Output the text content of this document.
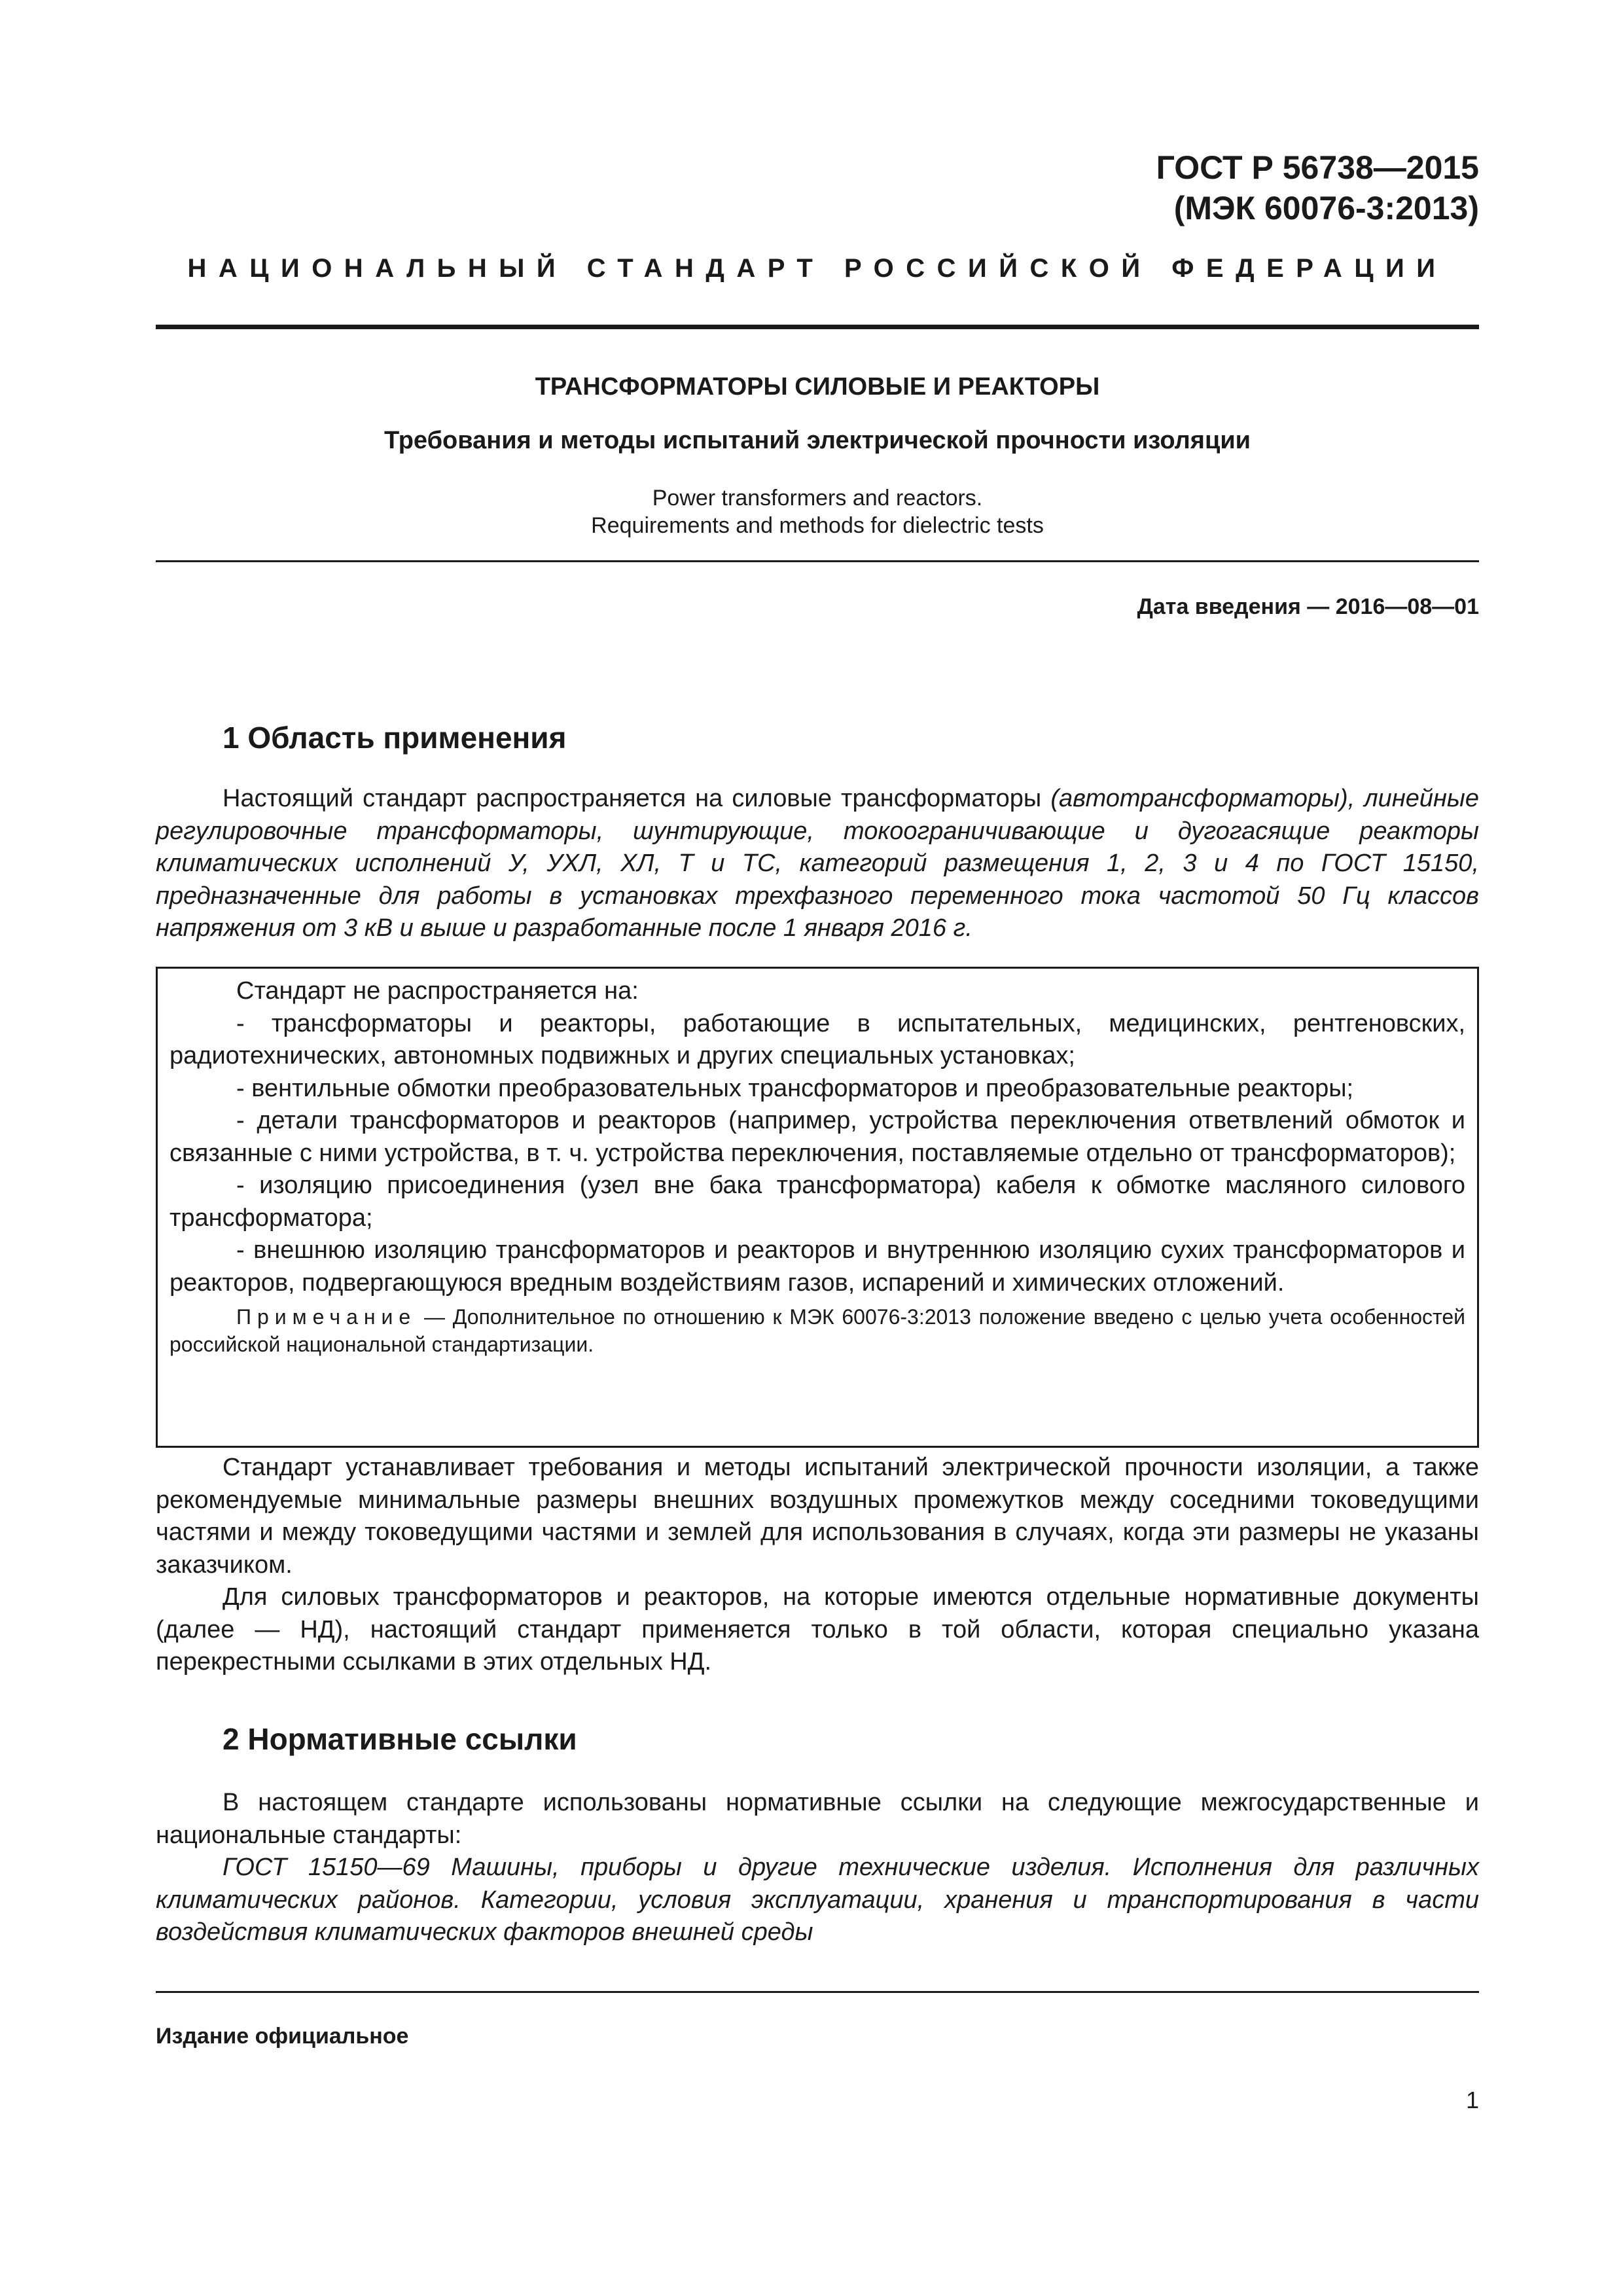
ГОСТ Р 56738—2015
(МЭК 60076-3:2013)
НАЦИОНАЛЬНЫЙ СТАНДАРТ РОССИЙСКОЙ ФЕДЕРАЦИИ
ТРАНСФОРМАТОРЫ СИЛОВЫЕ И РЕАКТОРЫ
Требования и методы испытаний электрической прочности изоляции
Power transformers and reactors.
Requirements and methods for dielectric tests
Дата введения — 2016—08—01
1 Область применения
Настоящий стандарт распространяется на силовые трансформаторы (автотрансформаторы), линейные регулировочные трансформаторы, шунтирующие, токоограничивающие и дугогасящие реакторы климатических исполнений У, УХЛ, ХЛ, Т и ТС, категорий размещения 1, 2, 3 и 4 по ГОСТ 15150, предназначенные для работы в установках трехфазного переменного тока частотой 50 Гц классов напряжения от 3 кВ и выше и разработанные после 1 января 2016 г.

Стандарт не распространяется на:

- трансформаторы и реакторы, работающие в испытательных, медицинских, рентгеновских, радиотехнических, автономных подвижных и других специальных установках;

- вентильные обмотки преобразовательных трансформаторов и преобразовательные реакторы;

- детали трансформаторов и реакторов (например, устройства переключения ответвлений обмоток и связанные с ними устройства, в т. ч. устройства переключения, поставляемые отдельно от трансформаторов);

- изоляцию присоединения (узел вне бака трансформатора) кабеля к обмотке масляного силового трансформатора;

- внешнюю изоляцию трансформаторов и реакторов и внутреннюю изоляцию сухих трансформаторов и реакторов, подвергающуюся вредным воздействиям газов, испарений и химических отложений.

Примечание — Дополнительное по отношению к МЭК 60076-3:2013 положение введено с целью учета особенностей российской национальной стандартизации.

Стандарт устанавливает требования и методы испытаний электрической прочности изоляции, а также рекомендуемые минимальные размеры внешних воздушных промежутков между соседними токоведущими частями и между токоведущими частями и землей для использования в случаях, когда эти размеры не указаны заказчиком.
Для силовых трансформаторов и реакторов, на которые имеются отдельные нормативные документы (далее — НД), настоящий стандарт применяется только в той области, которая специально указана перекрестными ссылками в этих отдельных НД.
2 Нормативные ссылки
В настоящем стандарте использованы нормативные ссылки на следующие межгосударственные и национальные стандарты:
ГОСТ 15150—69 Машины, приборы и другие технические изделия. Исполнения для различных климатических районов. Категории, условия эксплуатации, хранения и транспортирования в части воздействия климатических факторов внешней среды
Издание официальное
1
